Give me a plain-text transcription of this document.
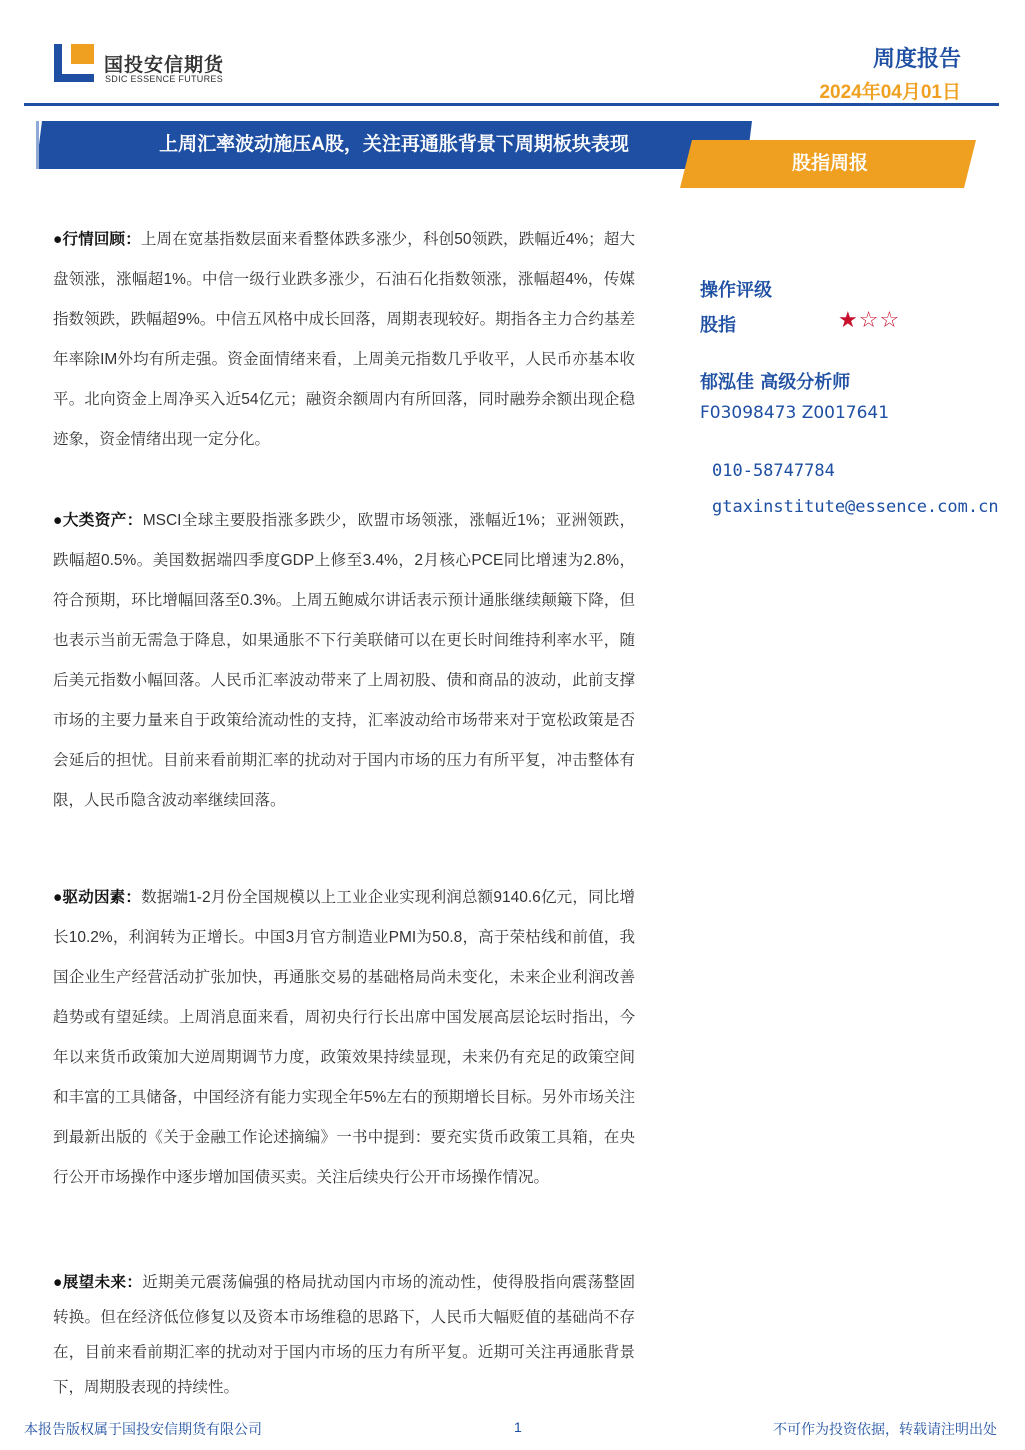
国投安信期货
SDIC ESSENCE FUTURES
周度报告
2024年04月01日
上周汇率波动施压A股，关注再通胀背景下周期板块表现
股指周报

●行情回顾：上周在宽基指数层面来看整体跌多涨少，科创50领跌，跌幅近4%；超大盘领涨，涨幅超1%。中信一级行业跌多涨少，石油石化指数领涨，涨幅超4%，传媒指数领跌，跌幅超9%。中信五风格中成长回落，周期表现较好。期指各主力合约基差年率除IM外均有所走强。资金面情绪来看，上周美元指数几乎收平，人民币亦基本收平。北向资金上周净买入近54亿元；融资余额周内有所回落，同时融券余额出现企稳迹象，资金情绪出现一定分化。

●大类资产：MSCI全球主要股指涨多跌少，欧盟市场领涨，涨幅近1%；亚洲领跌，跌幅超0.5%。美国数据端四季度GDP上修至3.4%，2月核心PCE同比增速为2.8%，符合预期，环比增幅回落至0.3%。上周五鲍威尔讲话表示预计通胀继续颠簸下降，但也表示当前无需急于降息，如果通胀不下行美联储可以在更长时间维持利率水平，随后美元指数小幅回落。人民币汇率波动带来了上周初股、债和商品的波动，此前支撑市场的主要力量来自于政策给流动性的支持，汇率波动给市场带来对于宽松政策是否会延后的担忧。目前来看前期汇率的扰动对于国内市场的压力有所平复，冲击整体有限，人民币隐含波动率继续回落。

●驱动因素：数据端1-2月份全国规模以上工业企业实现利润总额9140.6亿元，同比增长10.2%，利润转为正增长。中国3月官方制造业PMI为50.8，高于荣枯线和前值，我国企业生产经营活动扩张加快，再通胀交易的基础格局尚未变化，未来企业利润改善趋势或有望延续。上周消息面来看，周初央行行长出席中国发展高层论坛时指出，今年以来货币政策加大逆周期调节力度，政策效果持续显现，未来仍有充足的政策空间和丰富的工具储备，中国经济有能力实现全年5%左右的预期增长目标。另外市场关注到最新出版的《关于金融工作论述摘编》一书中提到：要充实货币政策工具箱，在央行公开市场操作中逐步增加国债买卖。关注后续央行公开市场操作情况。

●展望未来：近期美元震荡偏强的格局扰动国内市场的流动性，使得股指向震荡整固转换。但在经济低位修复以及资本市场维稳的思路下，人民币大幅贬值的基础尚不存在，目前来看前期汇率的扰动对于国内市场的压力有所平复。近期可关注再通胀背景下，周期股表现的持续性。

操作评级
股指	★☆☆
郁泓佳 高级分析师
F03098473 Z0017641
010-58747784
gtaxinstitute@essence.com.cn
本报告版权属于国投安信期货有限公司	1	不可作为投资依据，转载请注明出处
